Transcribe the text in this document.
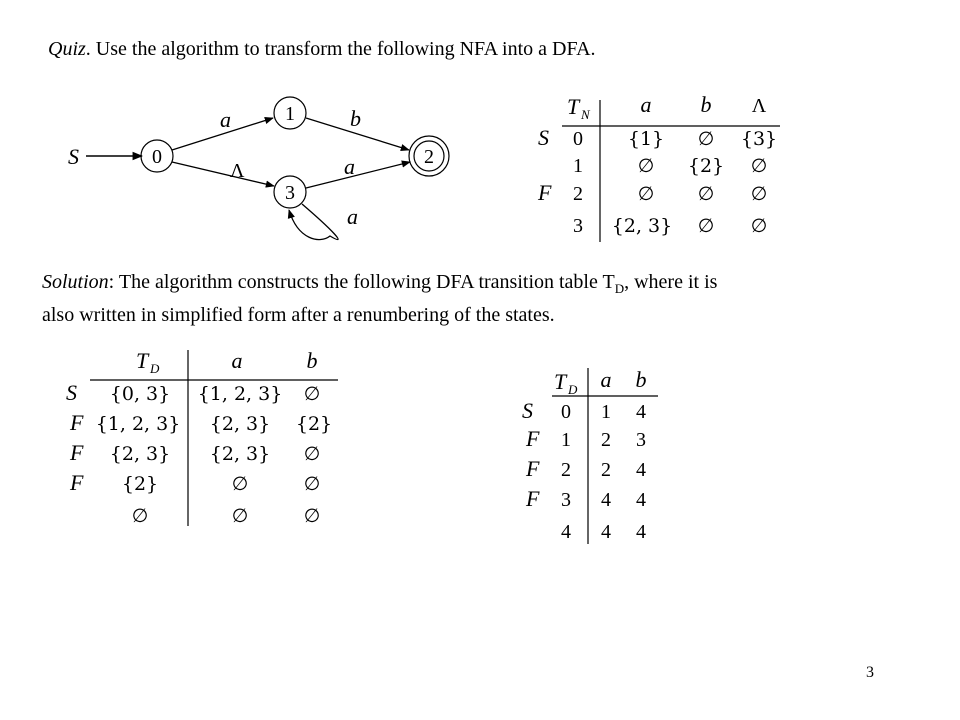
Quiz. Use the algorithm to transform the following NFA into a DFA.
S	0
1
2
3
a	b
Λ	a
a
T N a b Λ
S 0 {1} ∅ {3}
1	∅ {2} ∅
F 2	∅ ∅ ∅
3 {2, 3} ∅ ∅
T D	a	b
S {0, 3} {1, 2, 3} ∅
F {1, 2, 3} {2, 3} {2}
F {2, 3} {2, 3} ∅
F {2}	∅	∅
∅	∅	∅
T D a b
S 0 1 4
F 1 2 3
F 2 2 4
F 3 4 4
4 4 4
Solution: The algorithm constructs the following DFA transition table $T_D$, where it is
also written in simplified form after a renumbering of the states.
3
